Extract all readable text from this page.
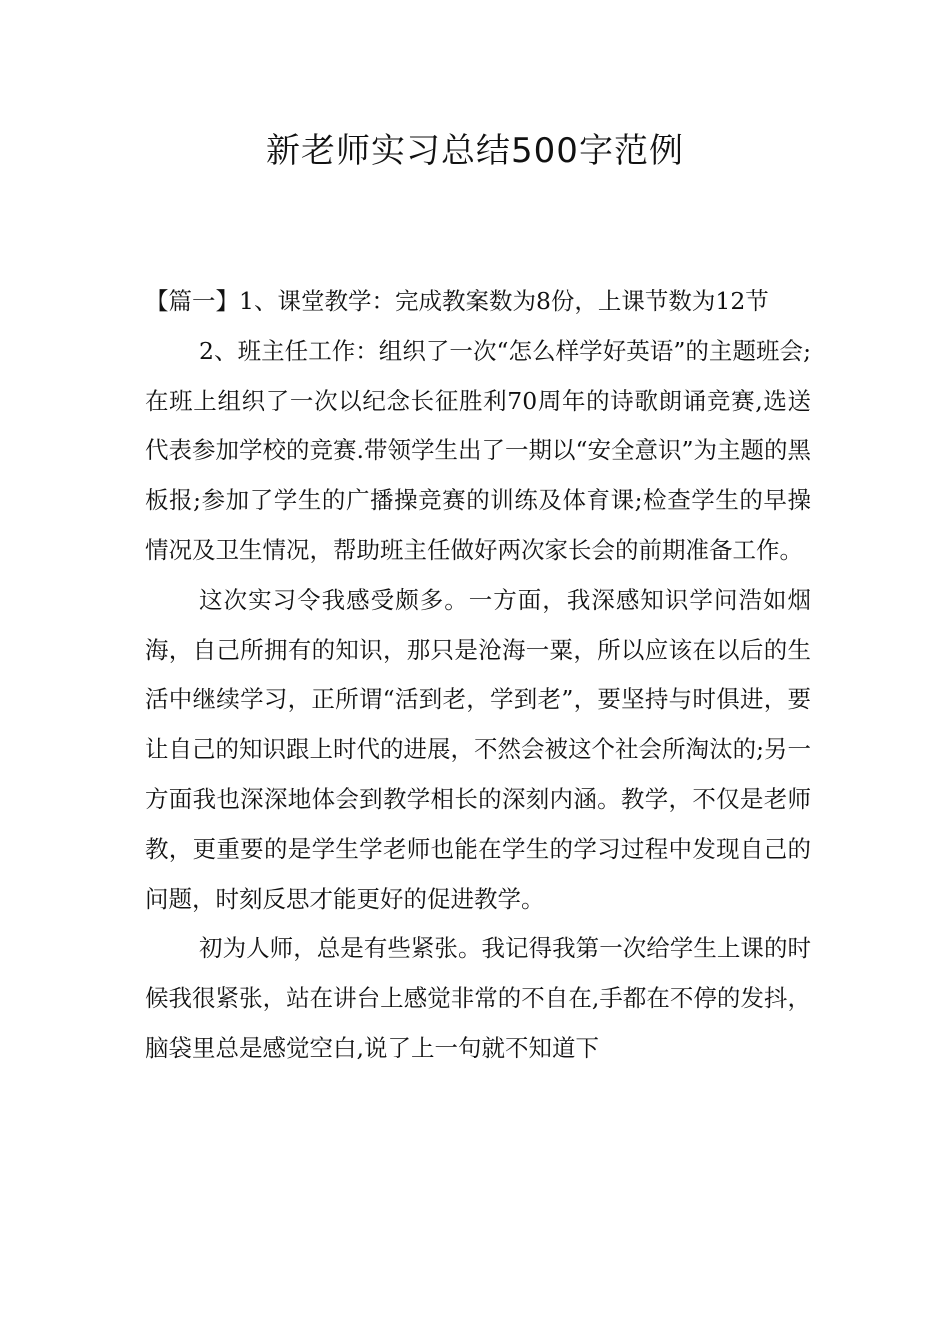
新老师实习总结500字范例

【篇一】1、课堂教学：完成教案数为8份，上课节数为12节

2、班主任工作：组织了一次“怎么样学好英语”的主题班会;在班上组织了一次以纪念长征胜利70周年的诗歌朗诵竞赛,选送代表参加学校的竞赛.带领学生出了一期以“安全意识”为主题的黑板报;参加了学生的广播操竞赛的训练及体育课;检查学生的早操情况及卫生情况，帮助班主任做好两次家长会的前期准备工作。

这次实习令我感受颇多。一方面，我深感知识学问浩如烟海，自己所拥有的知识，那只是沧海一粟，所以应该在以后的生活中继续学习，正所谓“活到老，学到老”，要坚持与时俱进，要让自己的知识跟上时代的进展，不然会被这个社会所淘汰的;另一方面我也深深地体会到教学相长的深刻内涵。教学，不仅是老师教，更重要的是学生学老师也能在学生的学习过程中发现自己的问题，时刻反思才能更好的促进教学。

初为人师，总是有些紧张。我记得我第一次给学生上课的时候我很紧张，站在讲台上感觉非常的不自在,手都在不停的发抖，脑袋里总是感觉空白,说了上一句就不知道下
